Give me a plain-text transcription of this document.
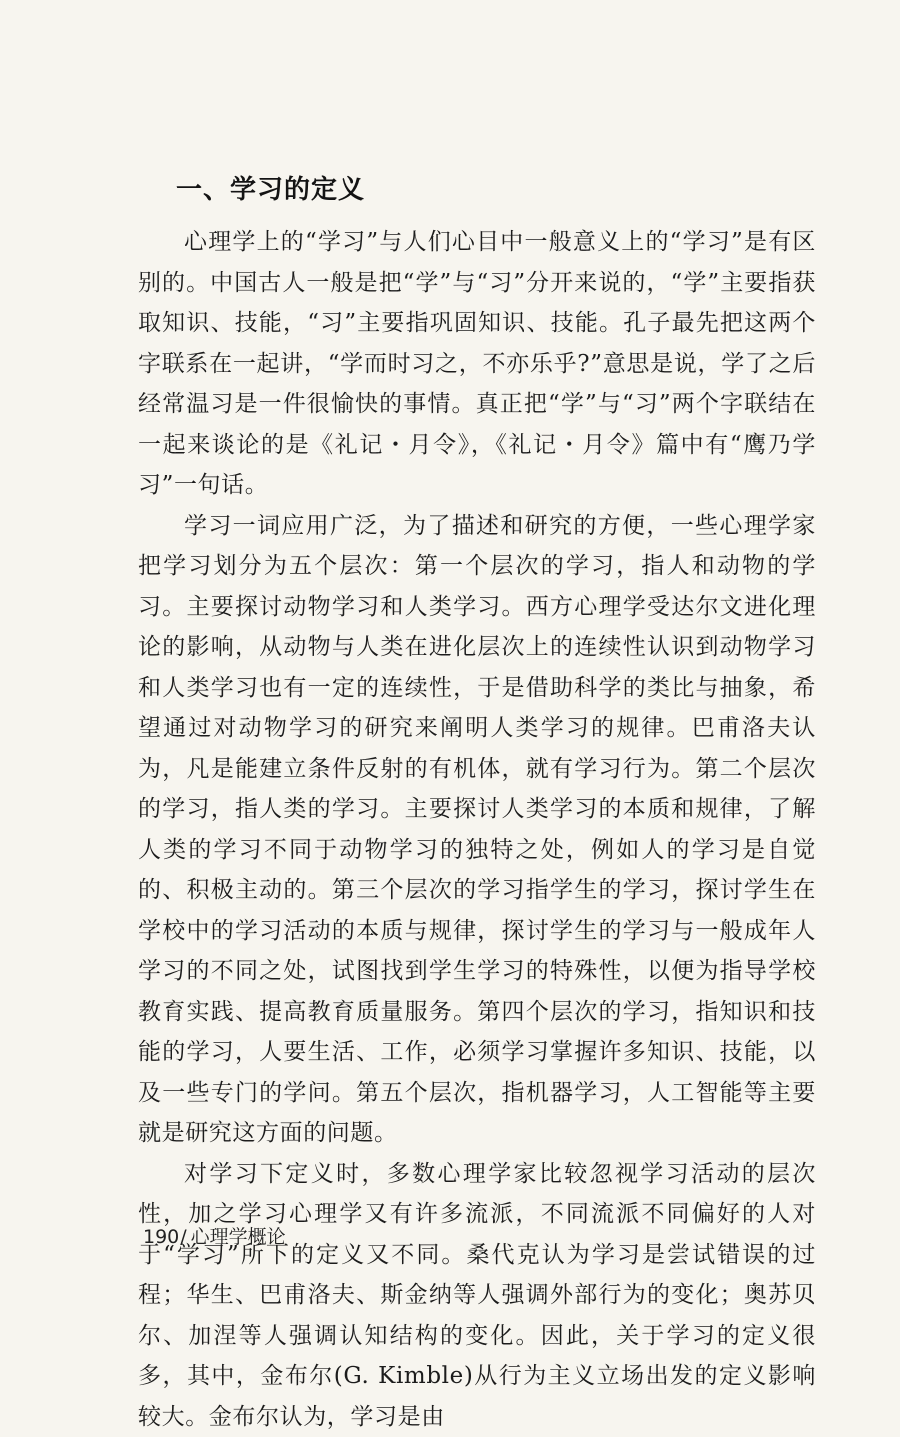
一、学习的定义

心理学上的“学习”与人们心目中一般意义上的“学习”是有区别的。中国古人一般是把“学”与“习”分开来说的，“学”主要指获取知识、技能，“习”主要指巩固知识、技能。孔子最先把这两个字联系在一起讲，“学而时习之，不亦乐乎?”意思是说，学了之后经常温习是一件很愉快的事情。真正把“学”与“习”两个字联结在一起来谈论的是《礼记・月令》，《礼记・月令》篇中有“鹰乃学习”一句话。

学习一词应用广泛，为了描述和研究的方便，一些心理学家把学习划分为五个层次：第一个层次的学习，指人和动物的学习。主要探讨动物学习和人类学习。西方心理学受达尔文进化理论的影响，从动物与人类在进化层次上的连续性认识到动物学习和人类学习也有一定的连续性，于是借助科学的类比与抽象，希望通过对动物学习的研究来阐明人类学习的规律。巴甫洛夫认为，凡是能建立条件反射的有机体，就有学习行为。第二个层次的学习，指人类的学习。主要探讨人类学习的本质和规律，了解人类的学习不同于动物学习的独特之处，例如人的学习是自觉的、积极主动的。第三个层次的学习指学生的学习，探讨学生在学校中的学习活动的本质与规律，探讨学生的学习与一般成年人学习的不同之处，试图找到学生学习的特殊性，以便为指导学校教育实践、提高教育质量服务。第四个层次的学习，指知识和技能的学习，人要生活、工作，必须学习掌握许多知识、技能，以及一些专门的学问。第五个层次，指机器学习，人工智能等主要就是研究这方面的问题。

对学习下定义时，多数心理学家比较忽视学习活动的层次性，加之学习心理学又有许多流派，不同流派不同偏好的人对于“学习”所下的定义又不同。桑代克认为学习是尝试错误的过程；华生、巴甫洛夫、斯金纳等人强调外部行为的变化；奥苏贝尔、加涅等人强调认知结构的变化。因此，关于学习的定义很多，其中，金布尔(G. Kimble)从行为主义立场出发的定义影响较大。金布尔认为，学习是由

190/ 心理学概论
